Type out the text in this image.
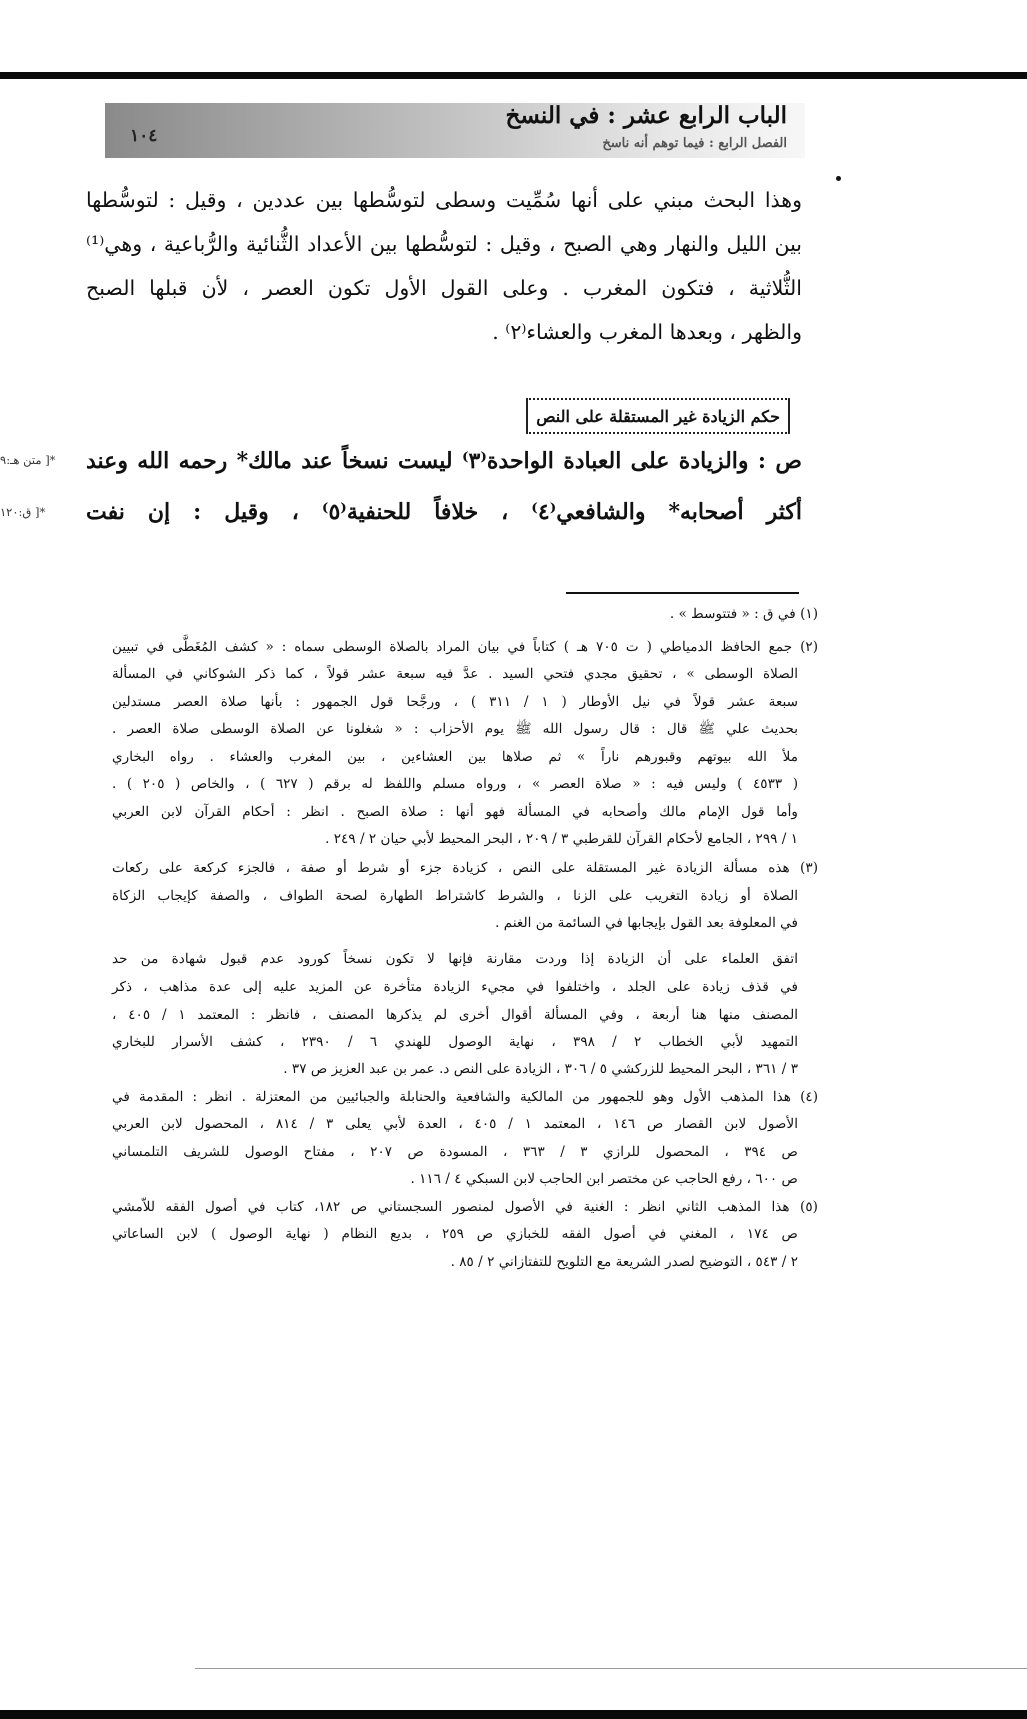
الباب الرابع عشر : في النسخ
الفصل الرابع : فيما توهم أنه ناسخ
١٠٤
وهذا البحث مبني على أنها سُمِّيت وسطى لتوسُّطها بين عددين ، وقيل : لتوسُّطها
بين الليل والنهار وهي الصبح ، وقيل : لتوسُّطها بين الأعداد الثُّنائية والرُّباعية ، وهي⁽¹⁾
الثُّلاثية ، فتكون المغرب . وعلى القول الأول تكون العصر ، لأن قبلها الصبح
والظهر ، وبعدها المغرب والعشاء⁽٢⁾ .
حكم الزيادة غير المستقلة على النص
ص : والزيادة على العبادة الواحدة⁽٣⁾ ليست نسخاً عند مالك* رحمه الله وعند
أكثر أصحابه* والشافعي⁽٤⁾ ، خلافاً للحنفية⁽٥⁾ ، وقيل : إن نفت
*[ متن هـ:٩
*[ ق:١٢٠
(١) في ق : « فتتوسط » .
(٢) جمع الحافظ الدمياطي ( ت ٧٠٥ هـ ) كتاباً في بيان المراد بالصلاة الوسطى سماه : « كشف المُغَطَّى في تبيين
الصلاة الوسطى » ، تحقيق مجدي فتحي السيد . عدَّ فيه سبعة عشر قولاً ، كما ذكر الشوكاني في المسألة
سبعة عشر قولاً في نيل الأوطار ( ١ / ٣١١ ) ، ورجَّحا قول الجمهور : بأنها صلاة العصر مستدلين
بحديث علي ﷺ قال : قال رسول الله ﷺ يوم الأحزاب : « شغلونا عن الصلاة الوسطى صلاة العصر .
ملأ الله بيوتهم وقبورهم ناراً » ثم صلاها بين العشاءين ، بين المغرب والعشاء . رواه البخاري
( ٤٥٣٣ ) وليس فيه : « صلاة العصر » ، ورواه مسلم واللفظ له برقم ( ٦٢٧ ) ، والخاص ( ٢٠٥ ) .
وأما قول الإمام مالك وأصحابه في المسألة فهو أنها : صلاة الصبح . انظر : أحكام القرآن لابن العربي
١ / ٢٩٩ ، الجامع لأحكام القرآن للقرطبي ٣ / ٢٠٩ ، البحر المحيط لأبي حيان ٢ / ٢٤٩ .
(٣) هذه مسألة الزيادة غير المستقلة على النص ، كزيادة جزء أو شرط أو صفة ، فالجزء كركعة على ركعات
الصلاة أو زيادة التغريب على الزنا ، والشرط كاشتراط الطهارة لصحة الطواف ، والصفة كإيجاب الزكاة
في المعلوفة بعد القول بإيجابها في السائمة من الغنم .
اتفق العلماء على أن الزيادة إذا وردت مقارنة فإنها لا تكون نسخاً كورود عدم قبول شهادة من حد
في قذف زيادة على الجلد ، واختلفوا في مجيء الزيادة متأخرة عن المزيد عليه إلى عدة مذاهب ، ذكر
المصنف منها هنا أربعة ، وفي المسألة أقوال أخرى لم يذكرها المصنف ، فانظر : المعتمد ١ / ٤٠٥ ،
التمهيد لأبي الخطاب ٢ / ٣٩٨ ، نهاية الوصول للهندي ٦ / ٢٣٩٠ ، كشف الأسرار للبخاري
٣ / ٣٦١ ، البحر المحيط للزركشي ٥ / ٣٠٦ ، الزيادة على النص د. عمر بن عبد العزيز ص ٣٧ .
(٤) هذا المذهب الأول وهو للجمهور من المالكية والشافعية والحنابلة والجبائيين من المعتزلة . انظر : المقدمة في
الأصول لابن القصار ص ١٤٦ ، المعتمد ١ / ٤٠٥ ، العدة لأبي يعلى ٣ / ٨١٤ ، المحصول لابن العربي
ص ٣٩٤ ، المحصول للرازي ٣ / ٣٦٣ ، المسودة ص ٢٠٧ ، مفتاح الوصول للشريف التلمساني
ص ٦٠٠ ، رفع الحاجب عن مختصر ابن الحاجب لابن السبكي ٤ / ١١٦ .
(٥) هذا المذهب الثاني انظر : الغنية في الأصول لمنصور السجستاني ص ١٨٢، كتاب في أصول الفقه للاّمشي
ص ١٧٤ ، المغني في أصول الفقه للخبازي ص ٢٥٩ ، بديع النظام ( نهاية الوصول ) لابن الساعاتي
٢ / ٥٤٣ ، التوضيح لصدر الشريعة مع التلويح للتفتازاني ٢ / ٨٥ .
